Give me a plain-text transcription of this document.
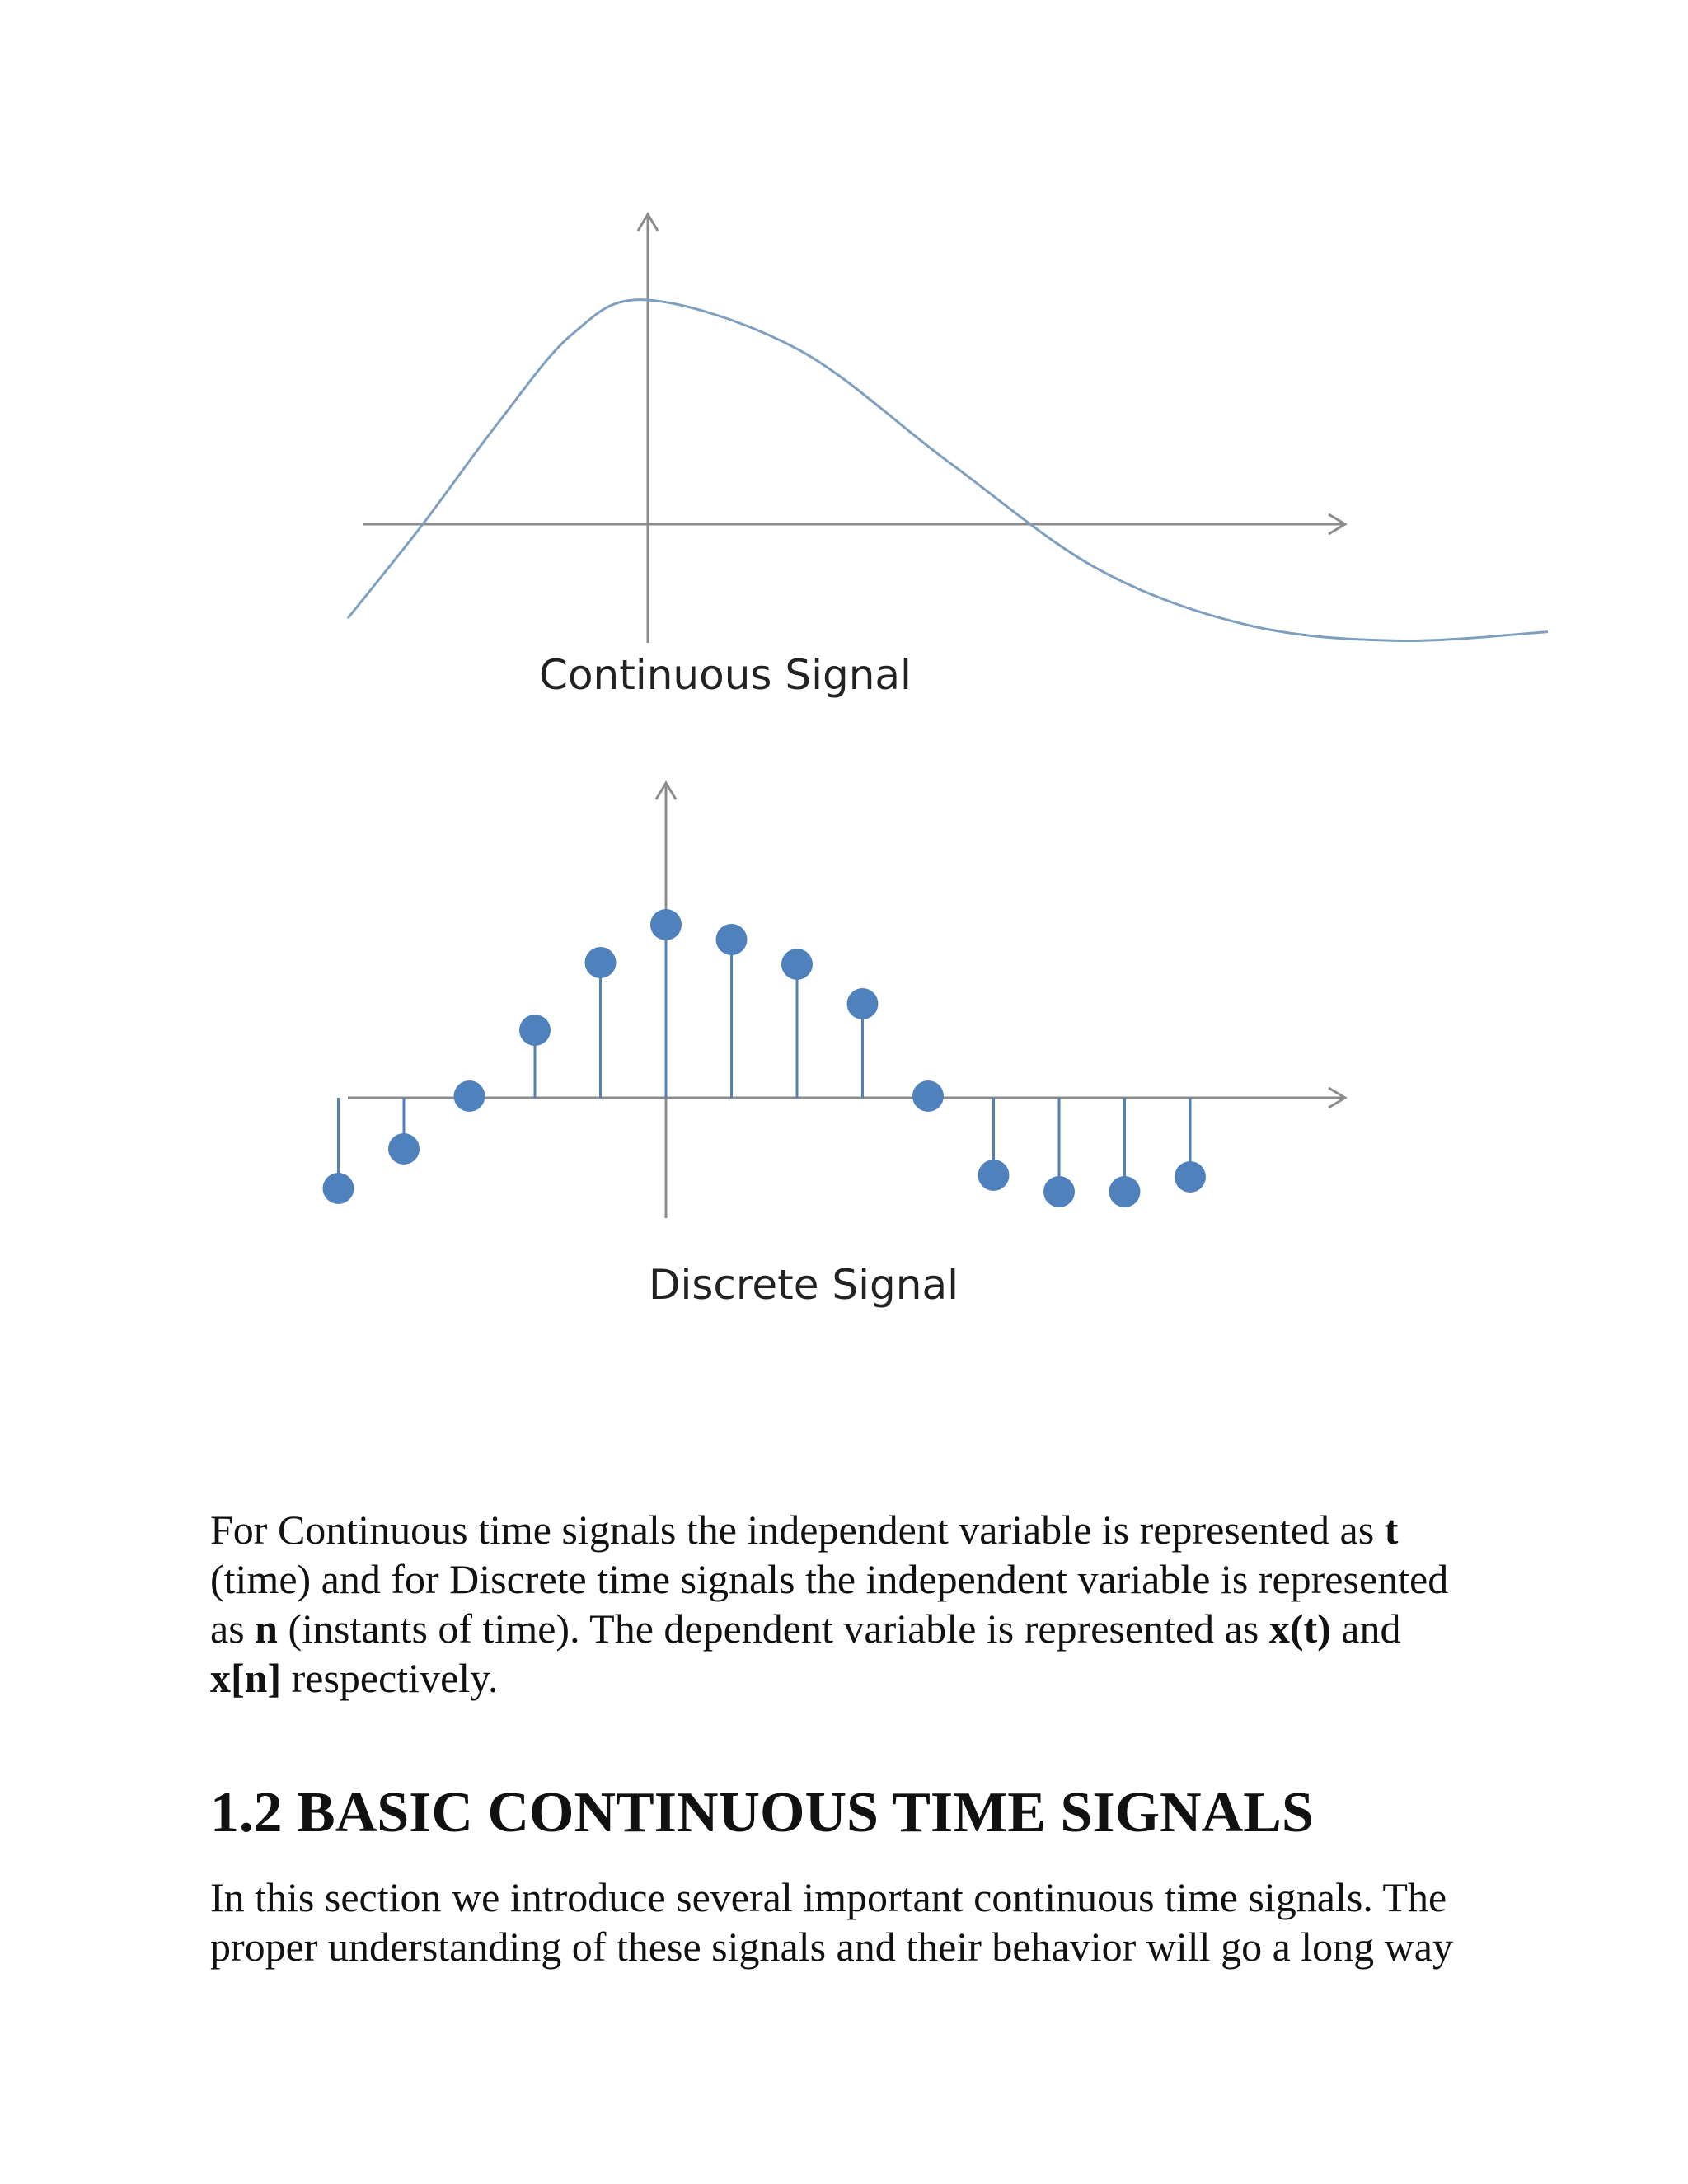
Continuous Signal
Discrete Signal

For Continuous time signals the independent variable is represented as t
(time) and for Discrete time signals the independent variable is represented
as n (instants of time). The dependent variable is represented as x(t) and
x[n] respectively.

1.2 BASIC CONTINUOUS TIME SIGNALS

In this section we introduce several important continuous time signals. The
proper understanding of these signals and their behavior will go a long way
